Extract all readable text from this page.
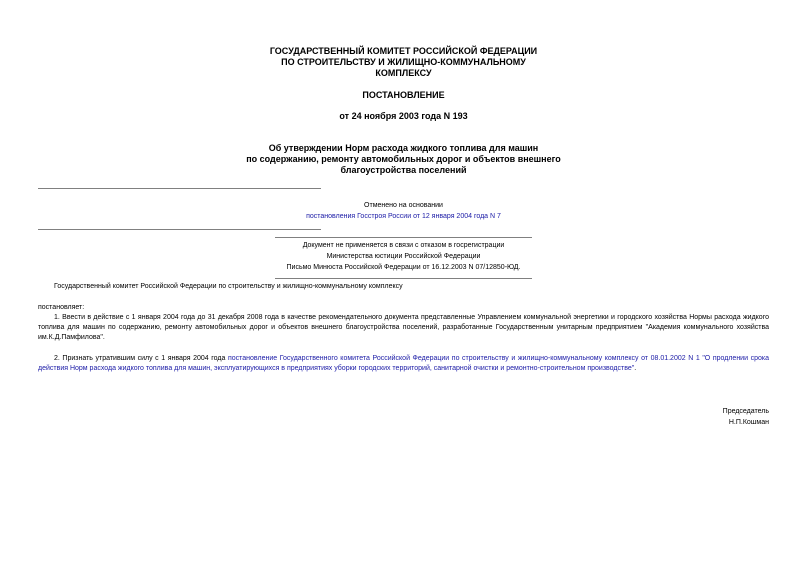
ГОСУДАРСТВЕННЫЙ КОМИТЕТ РОССИЙСКОЙ ФЕДЕРАЦИИ
ПО СТРОИТЕЛЬСТВУ И ЖИЛИЩНО-КОММУНАЛЬНОМУ
КОМПЛЕКСУ
ПОСТАНОВЛЕНИЕ
от 24 ноября 2003 года N 193
Об утверждении Норм расхода жидкого топлива для машин
по содержанию, ремонту автомобильных дорог и объектов внешнего
благоустройства поселений
Отменено на основании
постановления Госстроя России от 12 января 2004 года N 7
Документ не применяется в связи с отказом в госрегистрации
Министерства юстиции Российской Федерации
Письмо Минюста Российской Федерации от 16.12.2003 N 07/12850-ЮД.
Государственный комитет Российской Федерации по строительству и жилищно-коммунальному комплексу
постановляет:
1. Ввести в действие с 1 января 2004 года до 31 декабря 2008 года в качестве рекомендательного документа представленные Управлением коммунальной энергетики и городского хозяйства Нормы расхода жидкого топлива для машин по содержанию, ремонту автомобильных дорог и объектов внешнего благоустройства поселений, разработанные Государственным унитарным предприятием "Академия коммунального хозяйства им.К.Д.Памфилова".
2. Признать утратившим силу с 1 января 2004 года постановление Государственного комитета Российской Федерации по строительству и жилищно-коммунальному комплексу от 08.01.2002 N 1 "О продлении срока действия Норм расхода жидкого топлива для машин, эксплуатирующихся в предприятиях уборки городских территорий, санитарной очистки и ремонтно-строительном производстве".
Председатель
Н.П.Кошман
